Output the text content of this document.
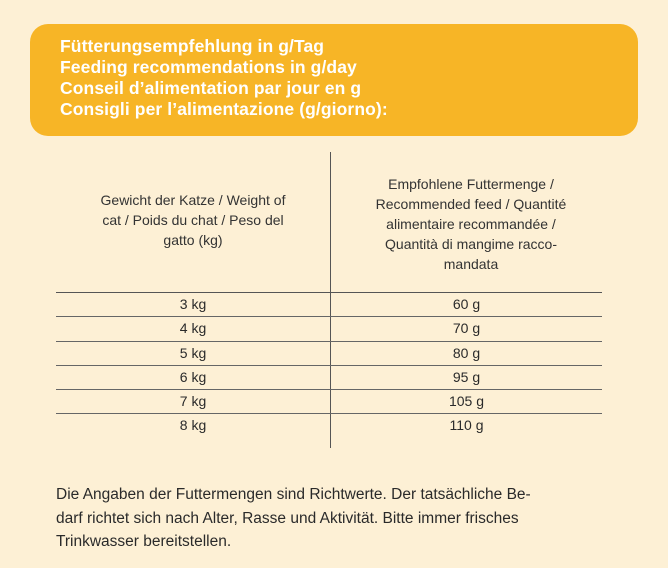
Fütterungsempfehlung in g/Tag
Feeding recommendations in g/day
Conseil d’alimentation par jour en g
Consigli per l’alimentazione (g/giorno):
Gewicht der Katze / Weight of
cat / Poids du chat / Peso del
gatto (kg)
Empfohlene Futtermenge /
Recommended feed / Quantité
alimentaire recommandée /
Quantità di mangime racco-
mandata
3 kg	60 g
4 kg	70 g
5 kg	80 g
6 kg	95 g
7 kg	105 g
8 kg	110 g
Die Angaben der Futtermengen sind Richtwerte. Der tatsächliche Be-
darf richtet sich nach Alter, Rasse und Aktivität. Bitte immer frisches
Trinkwasser bereitstellen.
